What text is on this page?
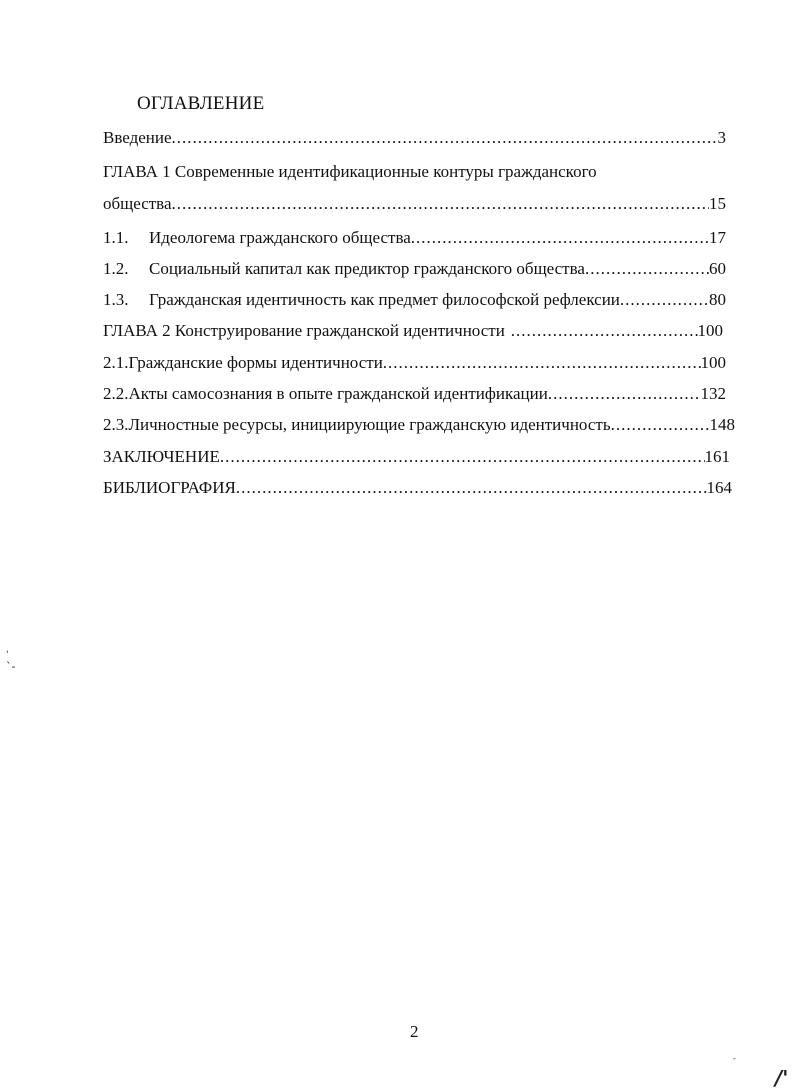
ОГЛАВЛЕНИЕ
Введение .....	3
ГЛАВА 1 Современные идентификационные контуры гражданского
общества .....	15
1.1. Идеологема гражданского общества .....	17
1.2. Социальный капитал как предиктор гражданского общества .....	60
1.3. Гражданская идентичность как предмет философской рефлексии .....	80
ГЛАВА 2 Конструирование гражданской идентичности .....	100
2.1.Гражданские формы идентичности .....	100
2.2.Акты самосознания в опыте гражданской идентификации .....	132
2.3.Личностные ресурсы, инициирующие гражданскую идентичность .....	148
ЗАКЛЮЧЕНИЕ .....	161
БИБЛИОГРАФИЯ .....	164
'
ˋ-
-
/'
2
